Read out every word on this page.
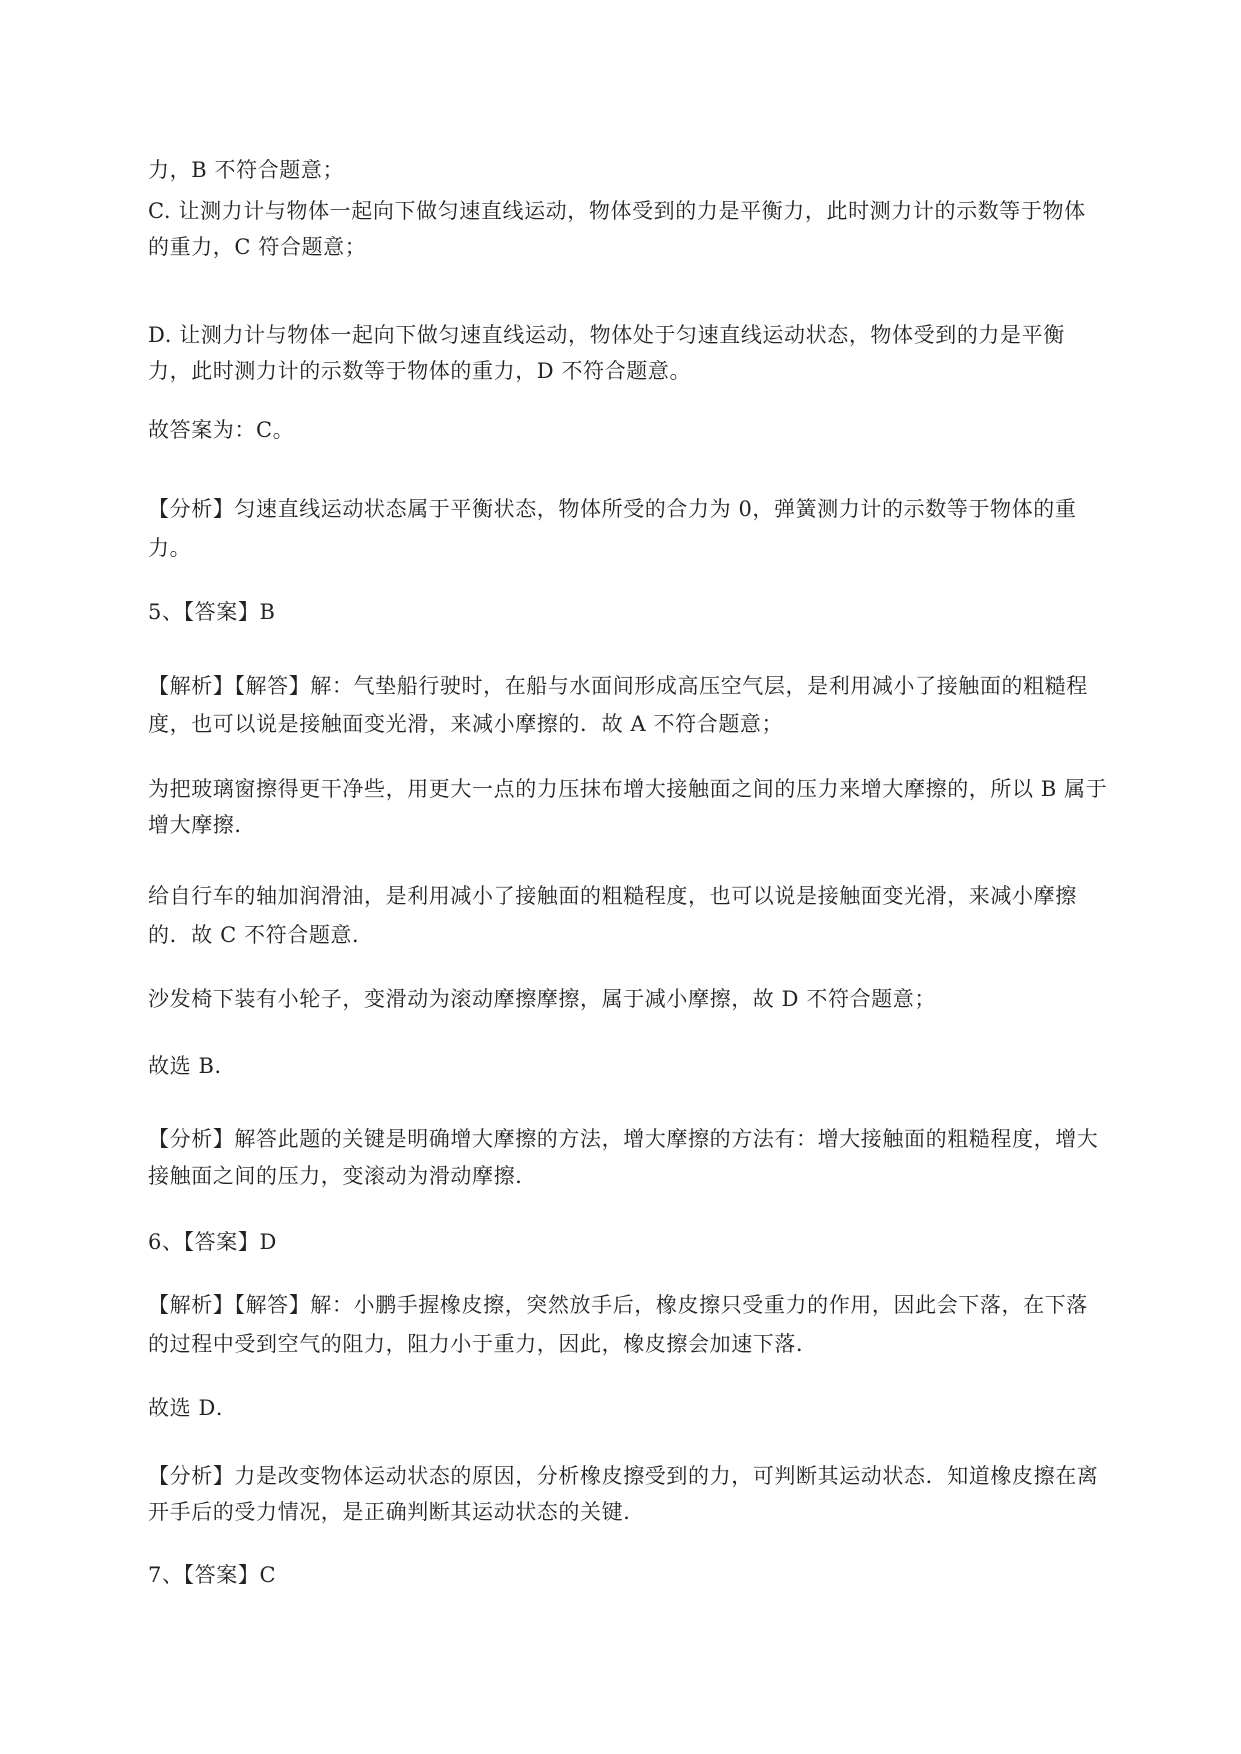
力，B 不符合题意；
C. 让测力计与物体一起向下做匀速直线运动，物体受到的力是平衡力，此时测力计的示数等于物体
的重力，C 符合题意；
D. 让测力计与物体一起向下做匀速直线运动，物体处于匀速直线运动状态，物体受到的力是平衡
力，此时测力计的示数等于物体的重力，D 不符合题意。
故答案为：C。
【分析】匀速直线运动状态属于平衡状态，物体所受的合力为 0，弹簧测力计的示数等于物体的重
力。
5、【答案】B
【解析】【解答】解：气垫船行驶时，在船与水面间形成高压空气层，是利用减小了接触面的粗糙程
度，也可以说是接触面变光滑，来减小摩擦的．故 A 不符合题意；
为把玻璃窗擦得更干净些，用更大一点的力压抹布增大接触面之间的压力来增大摩擦的，所以 B 属于
增大摩擦．
给自行车的轴加润滑油，是利用减小了接触面的粗糙程度，也可以说是接触面变光滑，来减小摩擦
的．故 C 不符合题意．
沙发椅下装有小轮子，变滑动为滚动摩擦摩擦，属于减小摩擦，故 D 不符合题意；
故选 B．
【分析】解答此题的关键是明确增大摩擦的方法，增大摩擦的方法有：增大接触面的粗糙程度，增大
接触面之间的压力，变滚动为滑动摩擦．
6、【答案】D
【解析】【解答】解：小鹏手握橡皮擦，突然放手后，橡皮擦只受重力的作用，因此会下落，在下落
的过程中受到空气的阻力，阻力小于重力，因此，橡皮擦会加速下落．
故选 D．
【分析】力是改变物体运动状态的原因，分析橡皮擦受到的力，可判断其运动状态．知道橡皮擦在离
开手后的受力情况，是正确判断其运动状态的关键．
7、【答案】C
